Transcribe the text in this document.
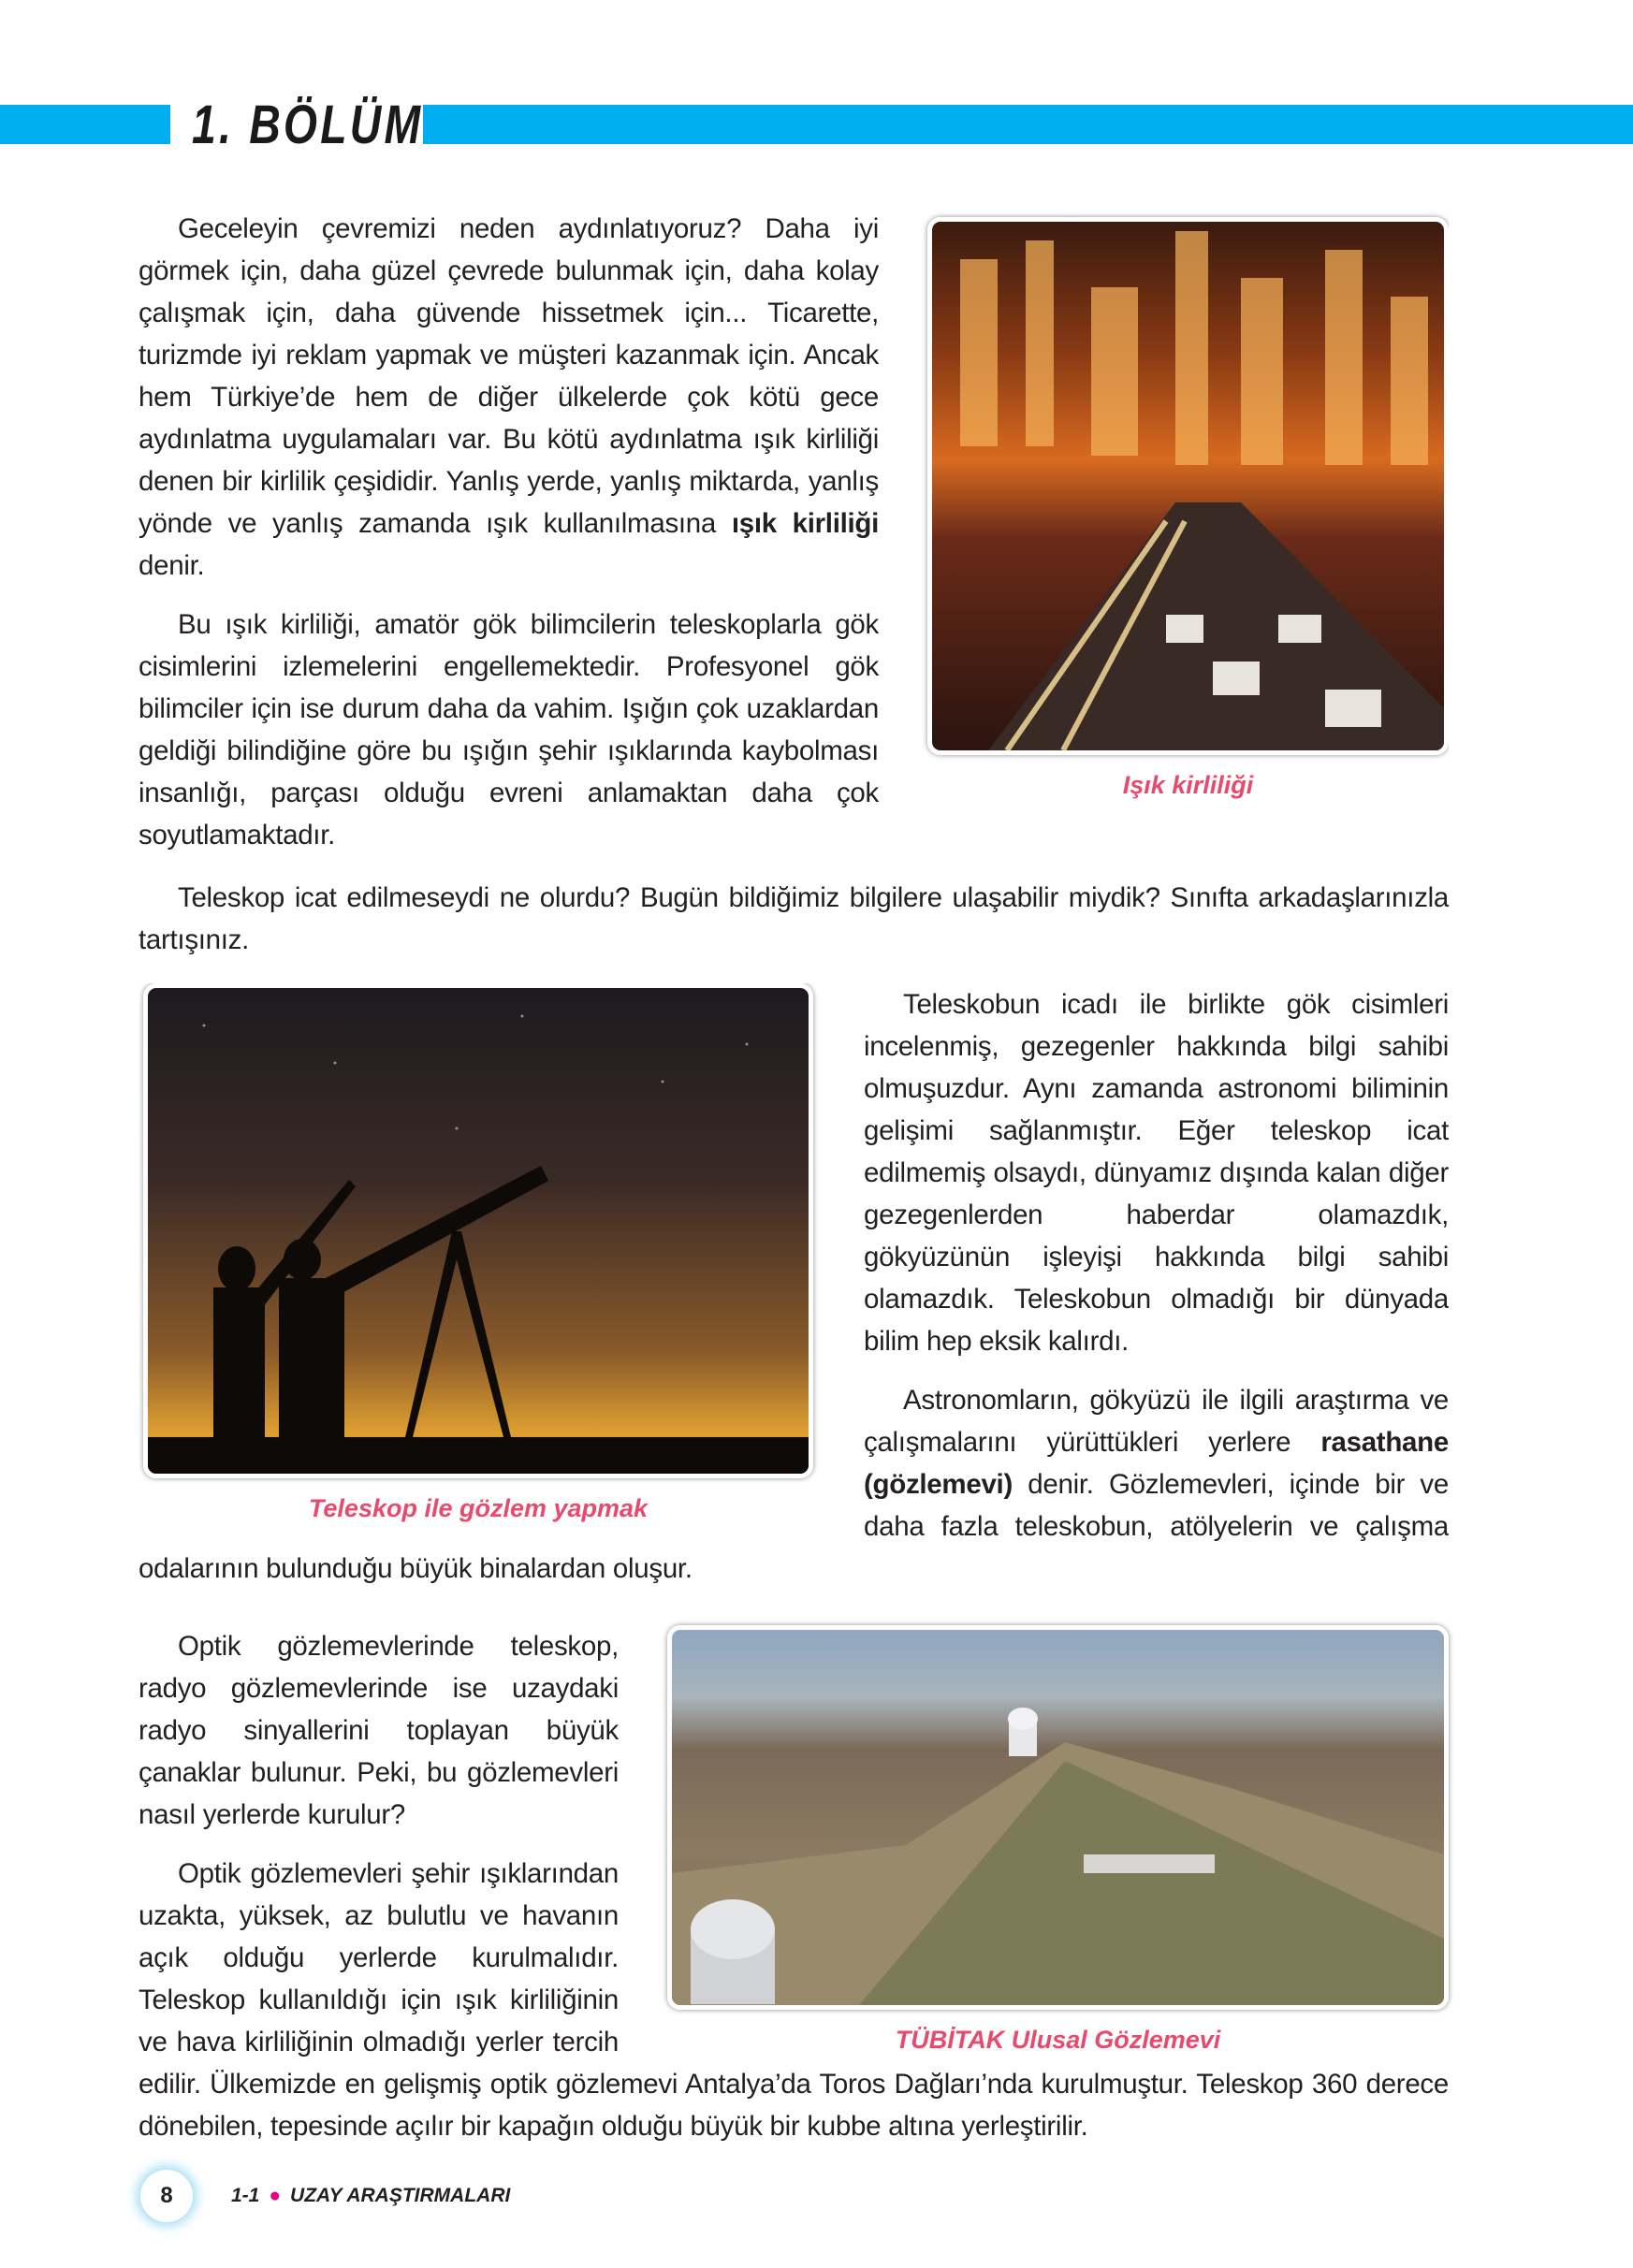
1. BÖLÜM
Işık kirliliği

Geceleyin çevremizi neden aydınlatıyoruz? Daha iyi görmek için, daha güzel çevrede bulunmak için, daha kolay çalışmak için, daha güvende hissetmek için... Ticarette, turizmde iyi reklam yapmak ve müşteri kazanmak için. Ancak hem Türkiye’de hem de diğer ülkelerde çok kötü gece aydınlatma uygulamaları var. Bu kötü aydınlatma ışık kirliliği denen bir kirlilik çeşididir. Yanlış yerde, yanlış miktarda, yanlış yönde ve yanlış zamanda ışık kullanılmasına ışık kirliliği denir.

Bu ışık kirliliği, amatör gök bilimcilerin teleskoplarla gök cisimlerini izlemelerini engellemektedir. Profesyonel gök bilimciler için ise durum daha da vahim. Işığın çok uzaklardan geldiği bilindiğine göre bu ışığın şehir ışıklarında kaybolması insanlığı, parçası olduğu evreni anlamaktan daha çok soyutlamaktadır.

Teleskop icat edilmeseydi ne olurdu? Bugün bildiğimiz bilgilere ulaşabilir miydik? Sınıfta arkadaşlarınızla tartışınız.

Teleskop ile gözlem yapmak

Teleskobun icadı ile birlikte gök cisimleri incelenmiş, gezegenler hakkında bilgi sahibi olmuşuzdur. Aynı zamanda astronomi biliminin gelişimi sağlanmıştır. Eğer teleskop icat edilmemiş olsaydı, dünyamız dışında kalan diğer gezegenlerden haberdar olamazdık, gökyüzünün işleyişi hakkında bilgi sahibi olamazdık. Teleskobun olmadığı bir dünyada bilim hep eksik kalırdı.

Astronomların, gökyüzü ile ilgili araştırma ve çalışmalarını yürüttükleri yerlere rasathane (gözlemevi) denir. Gözlemevleri, içinde bir ve daha fazla teleskobun, atölyelerin ve çalışma odalarının bulunduğu büyük binalardan oluşur.

TÜBİTAK Ulusal Gözlemevi

Optik gözlemevlerinde teleskop, radyo gözlemevlerinde ise uzaydaki radyo sinyallerini toplayan büyük çanaklar bulunur. Peki, bu gözlemevleri nasıl yerlerde kurulur?

Optik gözlemevleri şehir ışıklarından uzakta, yüksek, az bulutlu ve havanın açık olduğu yerlerde kurulmalıdır. Teleskop kullanıldığı için ışık kirliliğinin ve hava kirliliğinin olmadığı yerler tercih edilir. Ülkemizde en gelişmiş optik gözlemevi Antalya’da Toros Dağları’nda kurulmuştur. Teleskop 360 derece dönebilen, tepesinde açılır bir kapağın olduğu büyük bir kubbe altına yerleştirilir.

8	1-1 ● UZAY ARAŞTIRMALARI
